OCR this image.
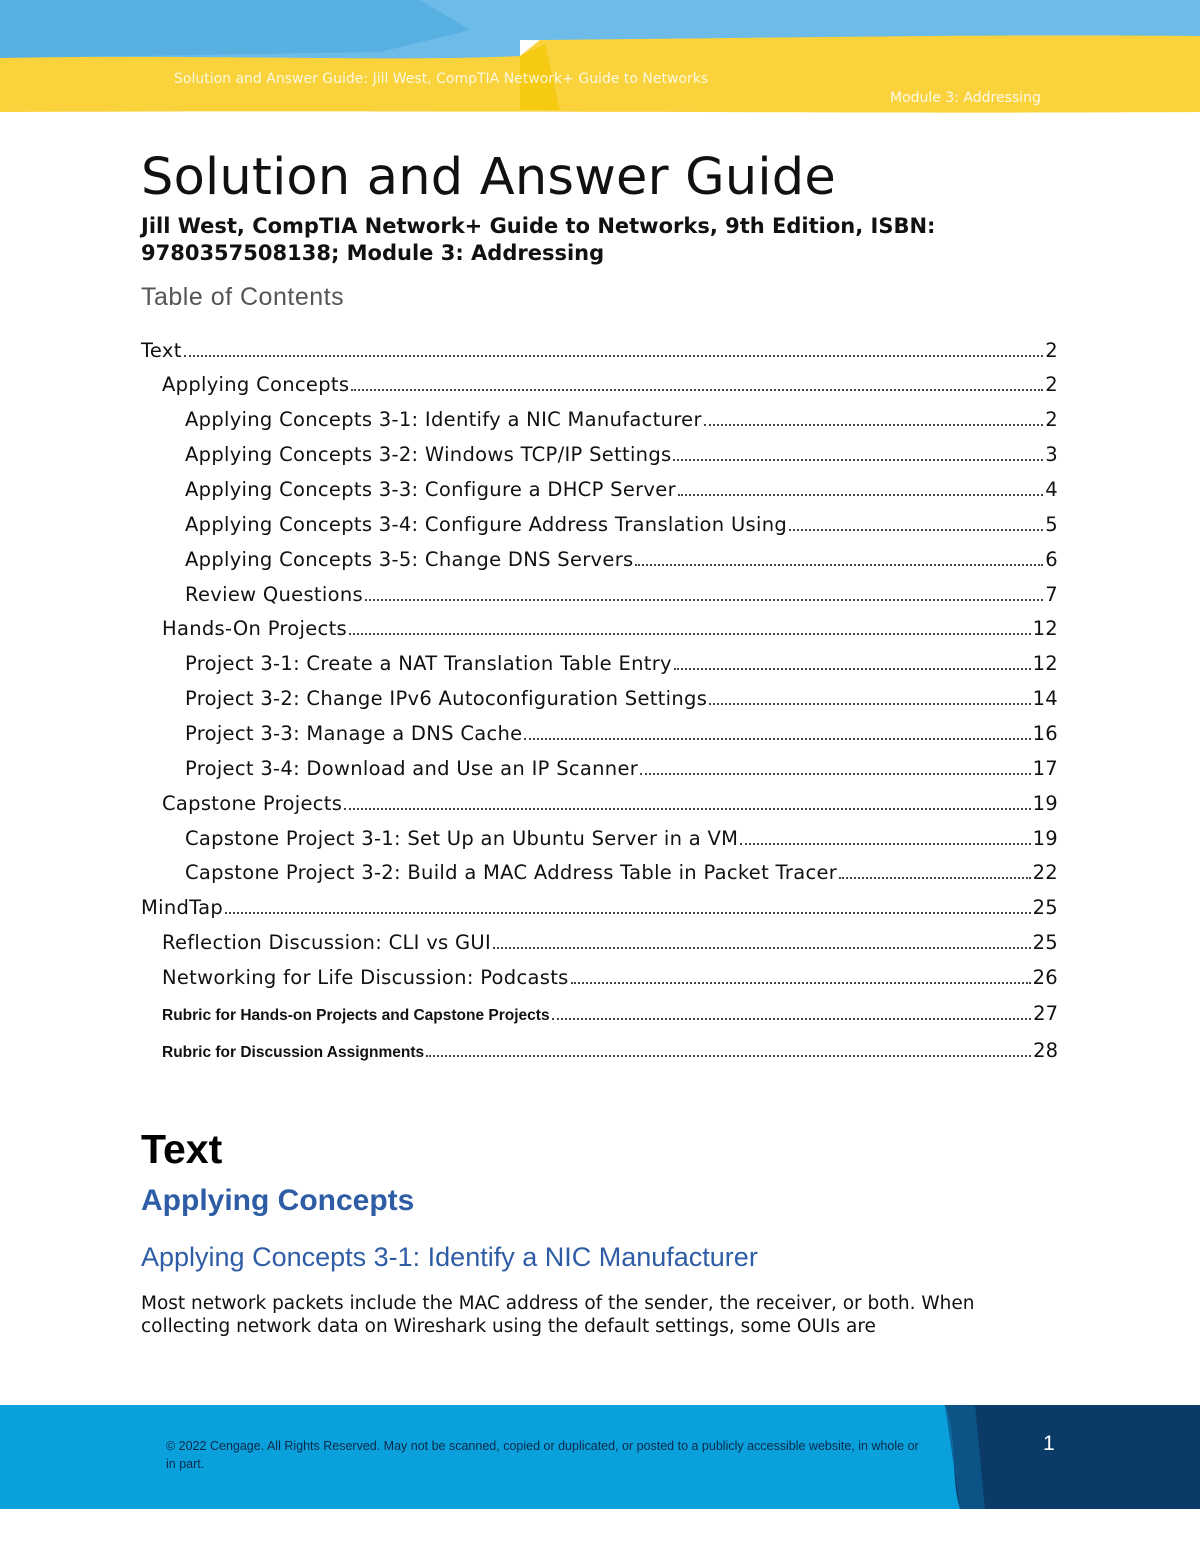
Solution and Answer Guide: Jill West, CompTIA Network+ Guide to Networks
Module 3: Addressing
Solution and Answer Guide
Jill West, CompTIA Network+ Guide to Networks, 9th Edition, ISBN: 9780357508138; Module 3: Addressing
Table of Contents
Text	2
Applying Concepts	2
Applying Concepts 3-1: Identify a NIC Manufacturer	2
Applying Concepts 3-2: Windows TCP/IP Settings	3
Applying Concepts 3-3: Configure a DHCP Server	4
Applying Concepts 3-4: Configure Address Translation Using	5
Applying Concepts 3-5: Change DNS Servers	6
Review Questions	7
Hands-On Projects	12
Project 3-1: Create a NAT Translation Table Entry	12
Project 3-2: Change IPv6 Autoconfiguration Settings	14
Project 3-3: Manage a DNS Cache	16
Project 3-4: Download and Use an IP Scanner	17
Capstone Projects	19
Capstone Project 3-1: Set Up an Ubuntu Server in a VM	19
Capstone Project 3-2: Build a MAC Address Table in Packet Tracer	22
MindTap	25
Reflection Discussion: CLI vs GUI	25
Networking for Life Discussion: Podcasts	26
Rubric for Hands-on Projects and Capstone Projects	27
Rubric for Discussion Assignments	28
Text
Applying Concepts
Applying Concepts 3-1: Identify a NIC Manufacturer
Most network packets include the MAC address of the sender, the receiver, or both. When collecting network data on Wireshark using the default settings, some OUIs are
© 2022 Cengage. All Rights Reserved. May not be scanned, copied or duplicated, or posted to a publicly accessible website, in whole or in part.
1
